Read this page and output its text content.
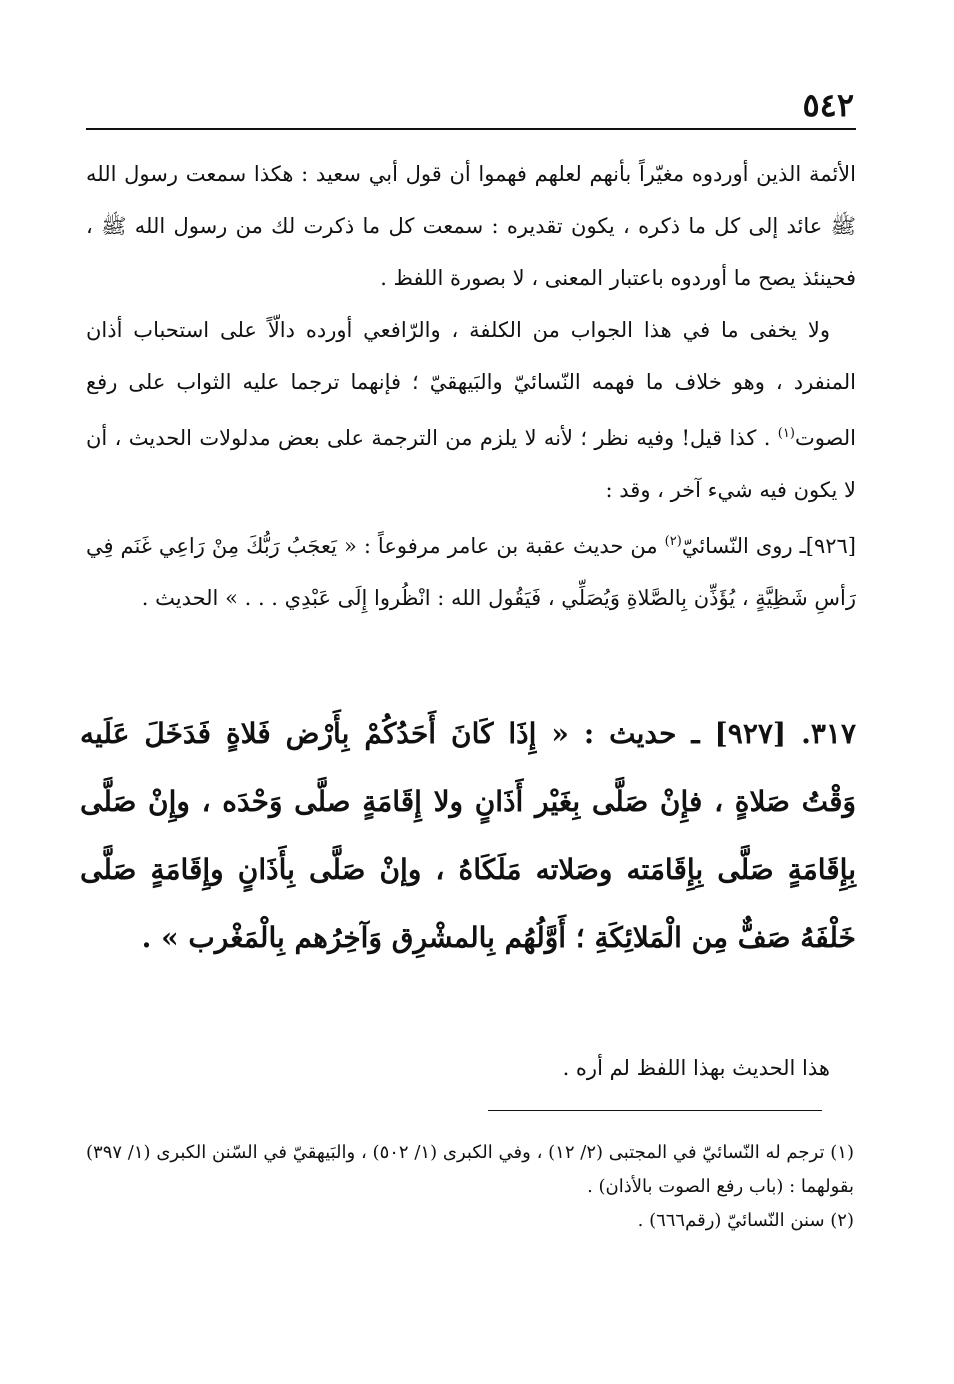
٥٤٢

الأئمة الذين أوردوه مغيّراً بأنهم لعلهم فهموا أن قول أبي سعيد : هكذا سمعت رسول الله ﷺ عائد إلى كل ما ذكره ، يكون تقديره : سمعت كل ما ذكرت لك من رسول الله ﷺ ، فحينئذ يصح ما أوردوه باعتبار المعنى ، لا بصورة اللفظ .

ولا يخفى ما في هذا الجواب من الكلفة ، والرّافعي أورده دالّاً على استحباب أذان المنفرد ، وهو خلاف ما فهمه النّسائيّ والبَيهقيّ ؛ فإنهما ترجما عليه الثواب على رفع الصوت$^{(١)}$ . كذا قيل! وفيه نظر ؛ لأنه لا يلزم من الترجمة على بعض مدلولات الحديث ، أن لا يكون فيه شيء آخر ، وقد :

[٩٢٦]ـ روى النّسائيّ$^{(٢)}$ من حديث عقبة بن عامر مرفوعاً : « يَعجَبُ رَبُّكَ مِنْ رَاعِي غَنَم فِي رَأسِ شَظِيَّةٍ ، يُؤَذِّن بِالصَّلاةِ وَيُصَلِّي ، فَيَقُول الله : انْظُروا إِلَى عَبْدِي . . . » الحديث .

٣١٧. [٩٢٧] ـ حديث : « إِذَا كَانَ أَحَدُكُمْ بِأَرْض فَلاةٍ فَدَخَلَ عَلَيه وَقْتُ صَلاةٍ ، فإِنْ صَلَّى بِغَيْر أَذَانٍ ولا إِقَامَةٍ صلَّى وَحْدَه ، وإِنْ صَلَّى بِإِقَامَةٍ صَلَّى بِإِقَامَته وصَلاته مَلَكَاهُ ، وإنْ صَلَّى بِأَذَانٍ وإِقَامَةٍ صَلَّى خَلْفَهُ صَفٌّ مِن الْمَلائِكَةِ ؛ أَوَّلُهُم بِالمشْرِق وَآخِرُهم بِالْمَغْرب » .
هذا الحديث بهذا اللفظ لم أره .

(١) ترجم له النّسائيّ في المجتبى (٢/ ١٢) ، وفي الكبرى (١/ ٥٠٢) ، والبَيهقيّ في السّنن الكبرى (١/ ٣٩٧) بقولهما : (باب رفع الصوت بالأذان) .

(٢) سنن النّسائيّ (رقم٦٦٦) .
